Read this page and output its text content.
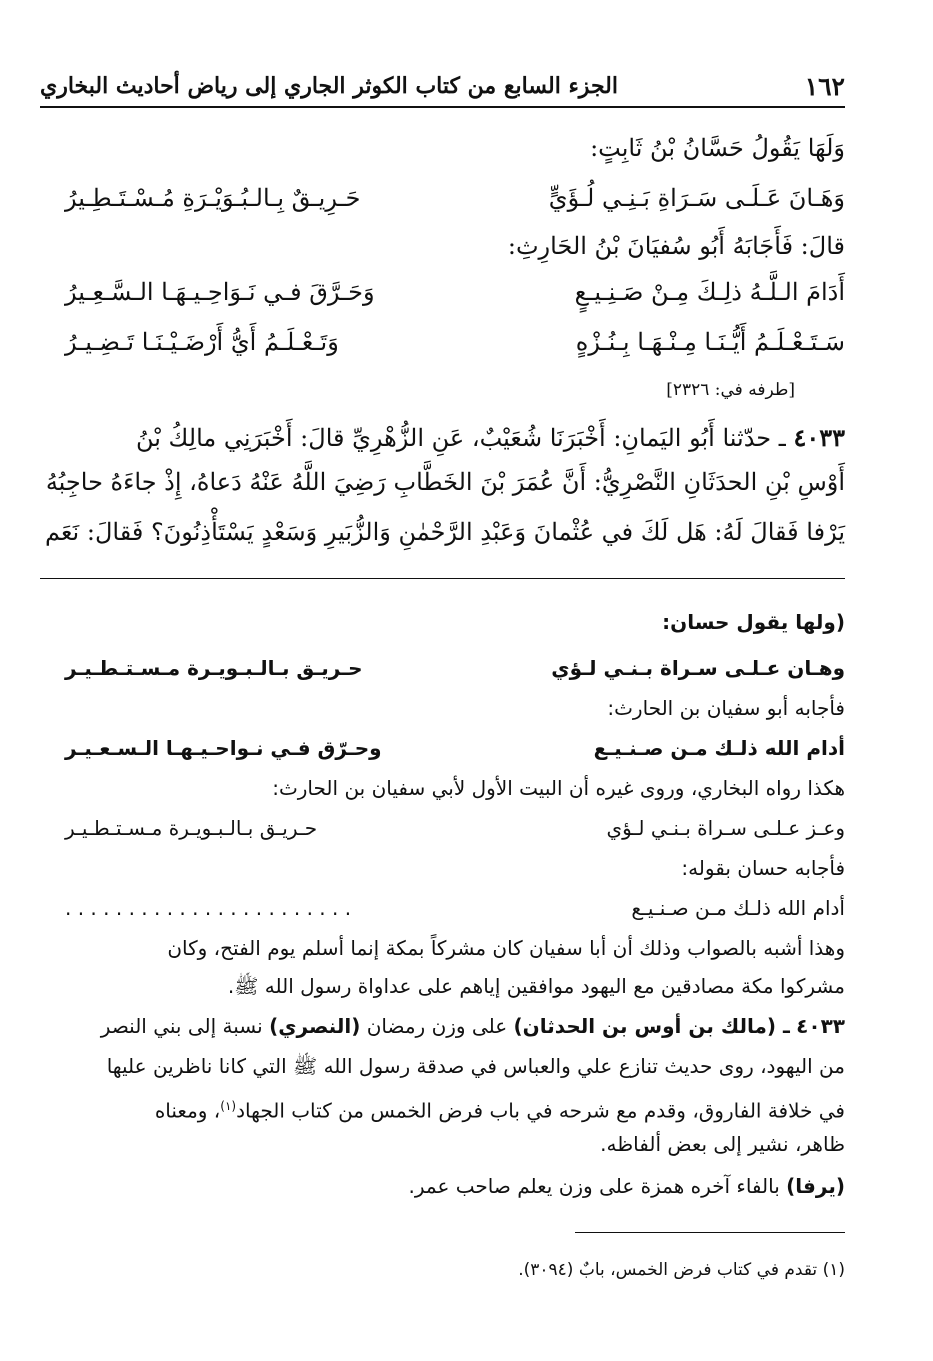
١٦٢
الجزء السابع من كتاب الكوثر الجاري إلى رياض أحاديث البخاري
وَلَهَا يَقُولُ حَسَّانُ بْنُ ثَابِتٍ:
وَهَـانَ عَـلَـى سَـرَاةِ بَـنِـي لُـؤَيٍّ
حَـرِيـقٌ بِـالـبُـوَيْـرَةِ مُـسْـتَـطِـيرُ
قالَ: فَأَجَابَهُ أَبُو سُفيَانَ بْنُ الحَارِثِ:
أَدَامَ الـلَّـهُ ذلِـكَ مِـنْ صَـنِـيـعٍ
وَحَـرَّقَ فـي نَـوَاحِـيـهَـا الـسَّـعِـيرُ
سَـتَـعْـلَـمُ أَيُّـنَـا مِـنْـهَـا بِـنُـزْهٍ
وَتَـعْـلَـمُ أَيُّ أَرْضَـيْـنَـا تَـضِـيـرُ
[طرفه في: ٢٣٢٦]
٤٠٣٣ ـ حدّثنا أَبُو اليَمانِ: أَخْبَرَنَا شُعَيْبٌ، عَنِ الزُّهْرِيِّ قالَ: أَخْبَرَنِي مالِكُ بْنُ
أَوْسِ بْنِ الحدَثَانِ النَّصْرِيُّ: أَنَّ عُمَرَ بْنَ الخَطَّابِ رَضِيَ اللَّهُ عَنْهُ دَعاهُ، إِذْ جاءَهُ حاجِبُهُ
يَرْفا فَقالَ لَهُ: هَل لَكَ في عُثْمانَ وَعَبْدِ الرَّحْمٰنِ وَالزُّبَيرِ وَسَعْدٍ يَسْتَأْذِنُونَ؟ فَقالَ: نَعَم
(ولها يقول حسان:
وهـان عـلـى سـراة بـنـي لـؤي
حـريـق بـالـبـويـرة مـسـتـطـيـر
فأجابه أبو سفيان بن الحارث:
أدام الله ذلـك مـن صـنـيـع
وحـرّق فـي نـواحـيـهـا الـسـعـيـر
هكذا رواه البخاري، وروى غيره أن البيت الأول لأبي سفيان بن الحارث:
وعـز عـلـى سـراة بـنـي لـؤي
حـريـق بـالـبـويـرة مـسـتـطـيـر
فأجابه حسان بقوله:
أدام الله ذلـك مـن صـنـيـع
. . . . . . . . . . . . . . . . . . . . . . .
وهذا أشبه بالصواب وذلك أن أبا سفيان كان مشركاً بمكة إنما أسلم يوم الفتح، وكان
مشركوا مكة مصادقين مع اليهود موافقين إياهم على عداواة رسول الله ﷺ.
٤٠٣٣ ـ (مالك بن أوس بن الحدثان) على وزن رمضان (النصري) نسبة إلى بني النصر
من اليهود، روى حديث تنازع علي والعباس في صدقة رسول الله ﷺ التي كانا ناظرين عليها
في خلافة الفاروق، وقدم مع شرحه في باب فرض الخمس من كتاب الجهاد$^{(١)}$، ومعناه
ظاهر، نشير إلى بعض ألفاظه.
(يرفا) بالفاء آخره همزة على وزن يعلم صاحب عمر.
(١) تقدم في كتاب فرض الخمس، بابٌ (٣٠٩٤).
